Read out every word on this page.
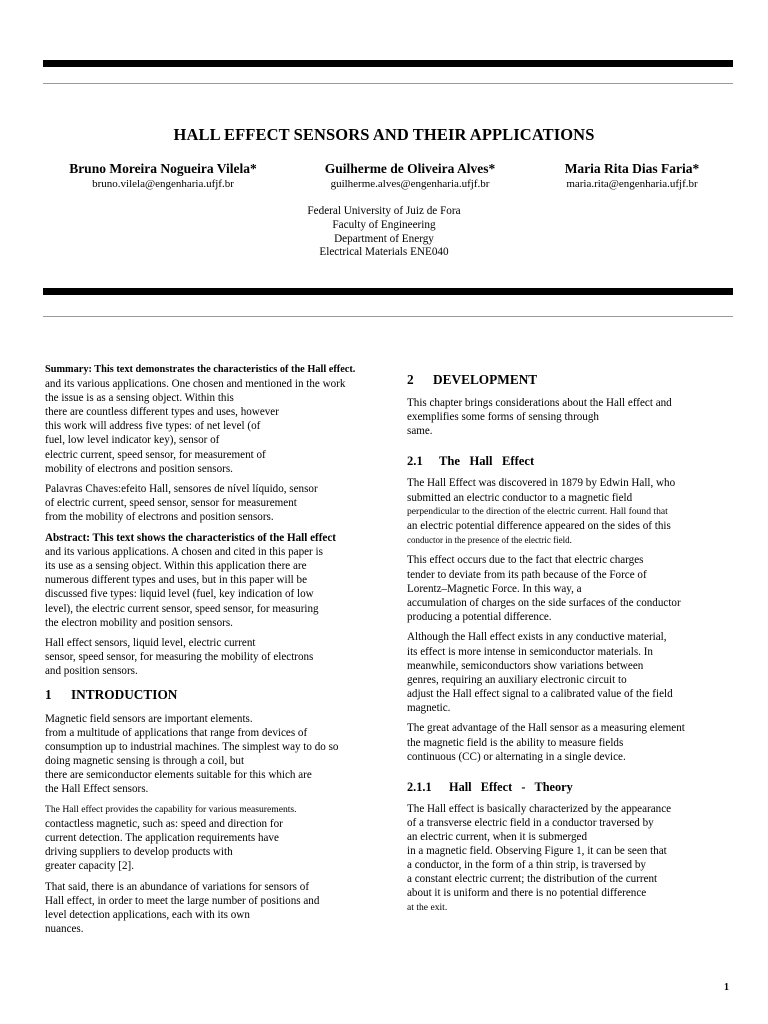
HALL EFFECT SENSORS AND THEIR APPLICATIONS
Bruno Moreira Nogueira Vilela*
bruno.vilela@engenharia.ufjf.br
Guilherme de Oliveira Alves*
guilherme.alves@engenharia.ufjf.br
Maria Rita Dias Faria*
maria.rita@engenharia.ufjf.br
Federal University of Juiz de Fora
Faculty of Engineering
Department of Energy
Electrical Materials ENE040

Summary: This text demonstrates the characteristics of the Hall effect.
and its various applications. One chosen and mentioned in the work
the issue is as a sensing object. Within this
there are countless different types and uses, however
this work will address five types: of net level (of
fuel, low level indicator key), sensor of
electric current, speed sensor, for measurement of
mobility of electrons and position sensors.

Palavras Chaves:efeito Hall, sensores de nível líquido, sensor
of electric current, speed sensor, sensor for measurement
from the mobility of electrons and position sensors.

Abstract: This text shows the characteristics of the Hall effect
and its various applications. A chosen and cited in this paper is
its use as a sensing object. Within this application there are
numerous different types and uses, but in this paper will be
discussed five types: liquid level (fuel, key indication of low
level), the electric current sensor, speed sensor, for measuring
the electron mobility and position sensors.

Hall effect sensors, liquid level, electric current
sensor, speed sensor, for measuring the mobility of electrons
and position sensors.

1 INTRODUCTION

Magnetic field sensors are important elements.
from a multitude of applications that range from devices of
consumption up to industrial machines. The simplest way to do so
doing magnetic sensing is through a coil, but
there are semiconductor elements suitable for this which are
the Hall Effect sensors.

The Hall effect provides the capability for various measurements.
contactless magnetic, such as: speed and direction for
current detection. The application requirements have
driving suppliers to develop products with
greater capacity [2].

That said, there is an abundance of variations for sensors of
Hall effect, in order to meet the large number of positions and
level detection applications, each with its own
nuances.

2 DEVELOPMENT

This chapter brings considerations about the Hall effect and
exemplifies some forms of sensing through
same.

2.1 The   Hall   Effect

The Hall Effect was discovered in 1879 by Edwin Hall, who
submitted an electric conductor to a magnetic field
perpendicular to the direction of the electric current. Hall found that
an electric potential difference appeared on the sides of this
conductor in the presence of the electric field.

This effect occurs due to the fact that electric charges
tender to deviate from its path because of the Force of
Lorentz–Magnetic Force. In this way, a
accumulation of charges on the side surfaces of the conductor
producing a potential difference.

Although the Hall effect exists in any conductive material,
its effect is more intense in semiconductor materials. In
meanwhile, semiconductors show variations between
genres, requiring an auxiliary electronic circuit to
adjust the Hall effect signal to a calibrated value of the field
magnetic.

The great advantage of the Hall sensor as a measuring element
the magnetic field is the ability to measure fields
continuous (CC) or alternating in a single device.

2.1.1 Hall   Effect   -   Theory

The Hall effect is basically characterized by the appearance
of a transverse electric field in a conductor traversed by
an electric current, when it is submerged
in a magnetic field. Observing Figure 1, it can be seen that
a conductor, in the form of a thin strip, is traversed by
a constant electric current; the distribution of the current
about it is uniform and there is no potential difference
at the exit.

1
